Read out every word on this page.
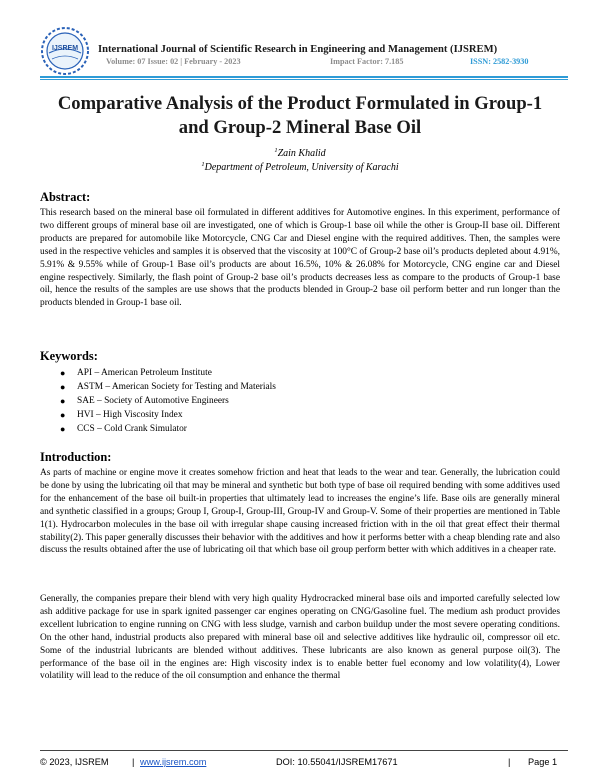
IJSREM International Journal of Scientific Research in Engineering and Management (IJSREM)
Volume: 07 Issue: 02 | February - 2023	Impact Factor: 7.185	ISSN: 2582-3930
Comparative Analysis of the Product Formulated in Group-1
and Group-2 Mineral Base Oil
$^1$Zain Khalid
$^1$Department of Petroleum, University of Karachi
Abstract:
This research based on the mineral base oil formulated in different additives for Automotive engines. In this experiment, performance of two different groups of mineral base oil are investigated, one of which is Group-1 base oil while the other is Group-II base oil. Different products are prepared for automobile like Motorcycle, CNG Car and Diesel engine with the required additives. Then, the samples were used in the respective vehicles and samples it is observed that the viscosity at 100°C of Group-2 base oil’s products depleted about 4.91%, 5.91% & 9.55% while of Group-1 Base oil’s products are about 16.5%, 10% & 26.08% for Motorcycle, CNG engine car and Diesel engine respectively. Similarly, the flash point of Group-2 base oil’s products decreases less as compare to the products of Group-1 base oil, hence the results of the samples are use shows that the products blended in Group-2 base oil perform better and run longer than the products blended in Group-1 base oil.
Keywords:
● API – American Petroleum Institute
● ASTM – American Society for Testing and Materials
● SAE – Society of Automotive Engineers
● HVI – High Viscosity Index
● CCS – Cold Crank Simulator
Introduction:
As parts of machine or engine move it creates somehow friction and heat that leads to the wear and tear. Generally, the lubrication could be done by using the lubricating oil that may be mineral and synthetic but both type of base oil required bending with some additives used for the enhancement of the base oil built-in properties that ultimately lead to increases the engine’s life. Base oils are generally mineral and synthetic classified in a groups; Group I, Group-I, Group-III, Group-IV and Group-V. Some of their properties are mentioned in Table 1(1). Hydrocarbon molecules in the base oil with irregular shape causing increased friction with in the oil that great effect their thermal stability(2). This paper generally discusses their behavior with the additives and how it performs better with a cheap blending rate and also discuss the results obtained after the use of lubricating oil that which base oil group perform better with which additives in a cheaper rate.
Generally, the companies prepare their blend with very high quality Hydrocracked mineral base oils and imported carefully selected low ash additive package for use in spark ignited passenger car engines operating on CNG/Gasoline fuel. The medium ash product provides excellent lubrication to engine running on CNG with less sludge, varnish and carbon buildup under the most severe operating conditions. On the other hand, industrial products also prepared with mineral base oil and selective additives like hydraulic oil, compressor oil etc. Some of the industrial lubricants are blended without additives. These lubricants are also known as general purpose oil(3). The performance of the base oil in the engines are: High viscosity index is to enable better fuel economy and low volatility(4), Lower volatility will lead to the reduce of the oil consumption and enhance the thermal
© 2023, IJSREM	| www.ijsrem.com	DOI: 10.55041/IJSREM17671	| Page 1
